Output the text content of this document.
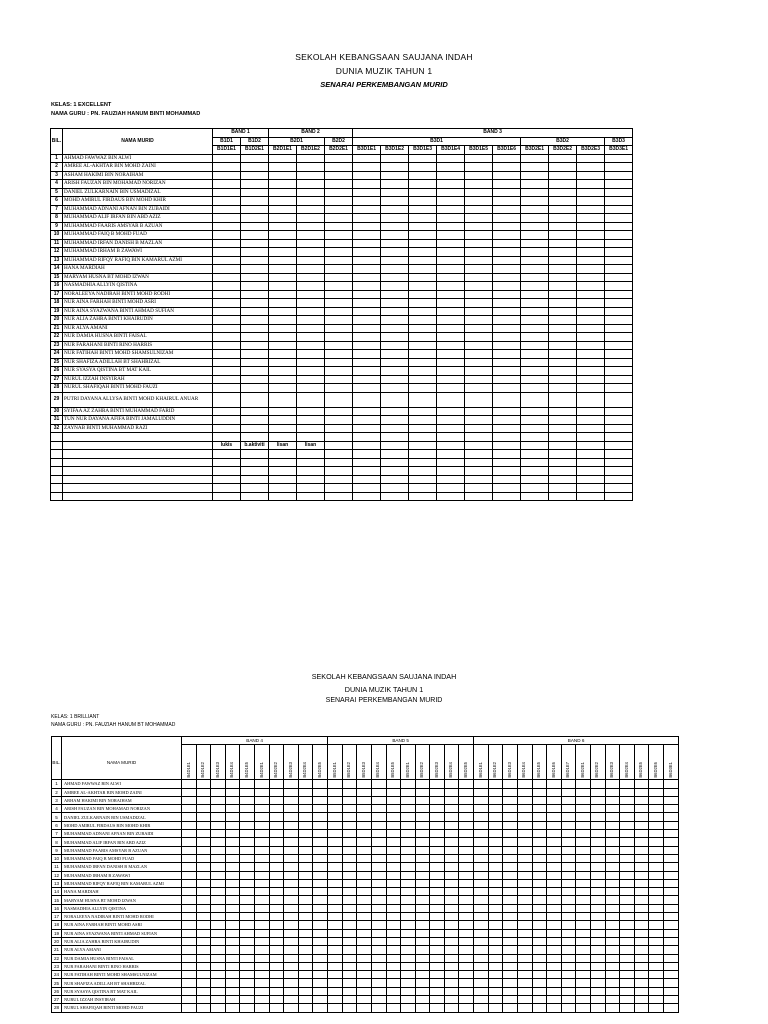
SEKOLAH KEBANGSAAN SAUJANA INDAH
DUNIA MUZIK TAHUN 1
SENARAI PERKEMBANGAN MURID
KELAS: 1 EXCELLENT
NAMA GURU : PN. FAUZIAH HANUM BINTI MOHAMMAD
		BAND 1		BAND 2			BAND 3									
BIL.	NAMA MURID	B1D1	B1D2	B2D1		B2D2	B3D1						B3D2			B3D3
		B1D1E1	B1D2E1	B2D1E1	B2D1E2	B2D2E1	B3D1E1	B3D1E2	B3D1E3	B3D1E4	B3D1E5	B3D1E6	B3D2E1	B3D2E2	B3D2E3	B3D3E1
1	AHMAD FAWWAZ BIN ALWI															
2	AMREE AL-AKHTAR BIN MOHD ZAINI															
3	ASHAM HAKIMI BIN NORAIHAM															
4	ARISH FAUZAN BIN MOHAMAD NORIZAN															
5	DANIEL ZULKARNAIN BIN USMADIZAL															
6	MOHD AMIRUL FIRDAUS BIN MOHD KHIR															
7	MUHAMMAD ADNANI AFNAN BIN ZUBAIDI															
8	MUHAMMAD ALIF IRFAN BIN ABD AZIZ															
9	MUHAMMAD FAARIS AMSYAR B AZUAN															
10	MUHAMMAD FAIQ B MOHD FUAD															
11	MUHAMMAD IRFAN DANISH B MAZLAN															
12	MUHAMMAD IRHAM B ZAWAWI															
13	MUHAMMAD RIFQY RAFIQ BIN KAMARUL AZMI															
14	HANA MARDIAH															
15	MARYAM HUSNA BT MOHD IZWAN															
16	NASMADHIA ALLYIN QISTINA															
17	NORALEEYA NADIRAH BINTI MOHD RODHI															
18	NUR AINA FARHAH BINTI MOHD ASRI															
19	NUR AINA SYAZWANA BINTI AHMAD SUFIAN															
20	NUR ALIA ZAHRA BINTI KHAIRUDIN															
21	NUR ALYA AMANI															
22	NUR DAMIA HUSNA BINTI FAISAL															
23	NUR FARAHANI BINTI RINO HARRIS															
24	NUR FATIHAH BINTI MOHD SHAMSULNIZAM															
25	NUR SHAFIZA ADILLAH BT SHAHRIZAL															
26	NUR SYASYA QISTINA BT MAT KAIL															
27	NURUL IZZAH INSYIRAH															
28	NURUL SHAFIQAH BINTI MOHD FAUZI															
29	PUTRI DAYANA ALLYSA BINTI MOHD KHAIRUL ANUAR															
30	SYIFAA AZ ZAHRA BINTI MUHAMMAD FARID															
31	TUN NUR DAYANA AFIFA BINTI JAMALUDDIN															
32	ZAYNAB BINTI MUHAMMAD RAZI															

		lukis	b.aktiviti	lisan	lisan											

SEKOLAH KEBANGSAAN SAUJANA INDAH
DUNIA MUZIK TAHUN 1
SENARAI PERKEMBANGAN MURID
KELAS: 1 BRILLIANT
NAMA GURU : PN. FAUZIAH HANUM BT MOHAMMAD
		BAND 4										BAND 5										BAND 6													
BIL.	NAMA MURID	B4D1E1	B4D1E2	B4D1E3	B4D1E4	B4D1E5	B4D2E1	B4D2E2	B4D2E3	B4D2E4	B4D2E5	B5D1E1	B5D1E2	B5D1E3	B5D1E4	B5D1E5	B5D2E1	B5D2E2	B5D2E3	B5D2E4	B5D2E5	B6D1E1	B6D1E2	B6D1E3	B6D1E4	B6D1E5	B6D1E6	B6D1E7	B6D2E1	B6D2E2	B6D2E3	B6D2E4	B6D2E5	B6D2E6	B6D3E1
1	AHMAD FAWWAZ BIN ALWI																																		
2	AMREE AL-AKHTAR BIN MOHD ZAINI																																		
3	ARHAM HAKIMI BIN NORAIHAM																																		
4	ARISH FAUZAN BIN MOHAMAD NORIZAN																																		
5	DANIEL ZULKARNAIN BIN USMADIZAL																																		
6	MOHD AMIRUL FIRDAUS BIN MOHD KHIR																																		
7	MUHAMMAD ADNANI AFNAN BIN ZUBAIDI																																		
8	MUHAMMAD ALIF IRFAN BIN ABD AZIZ																																		
9	MUHAMMAD FAARIS AMSYAR B AZUAN																																		
10	MUHAMMAD FAIQ B MOHD FUAD																																		
11	MUHAMMAD IRFAN DANISH B MAZLAN																																		
12	MUHAMMAD IRHAM B ZAWAWI																																		
13	MUHAMMAD RIFQY RAFIQ BIN KAMARUL AZMI																																		
14	HANA MARDIAH																																		
15	MARYAM HUSNA BT MOHD IZWAN																																		
16	NASMADHIA ALLYIN QISTINA																																		
17	NORALEEYA NADIRAH BINTI MOHD RODHI																																		
18	NUR AINA FARHAH BINTI MOHD ASRI																																		
19	NUR AINA SYAZWANA BINTI AHMAD SUFIAN																																		
20	NUR ALIA ZAHRA BINTI KHAIRUDIN																																		
21	NUR ALYA AMANI																																		
22	NUR DAMIA HUSNA BINTI FAISAL																																		
23	NUR FARAHANI BINTI RINO HARRIS																																		
24	NUR FATIHAH BINTI MOHD SHAMSULNIZAM																																		
25	NUR SHAFIZA ADILLAH BT SHAHRIZAL																																		
26	NUR SYASYA QISTINA BT MAT KAIL																																		
27	NURUL IZZAH INSYIRAH																																		
28	NURUL SHAFIQAH BINTI MOHD FAUZI																																		
